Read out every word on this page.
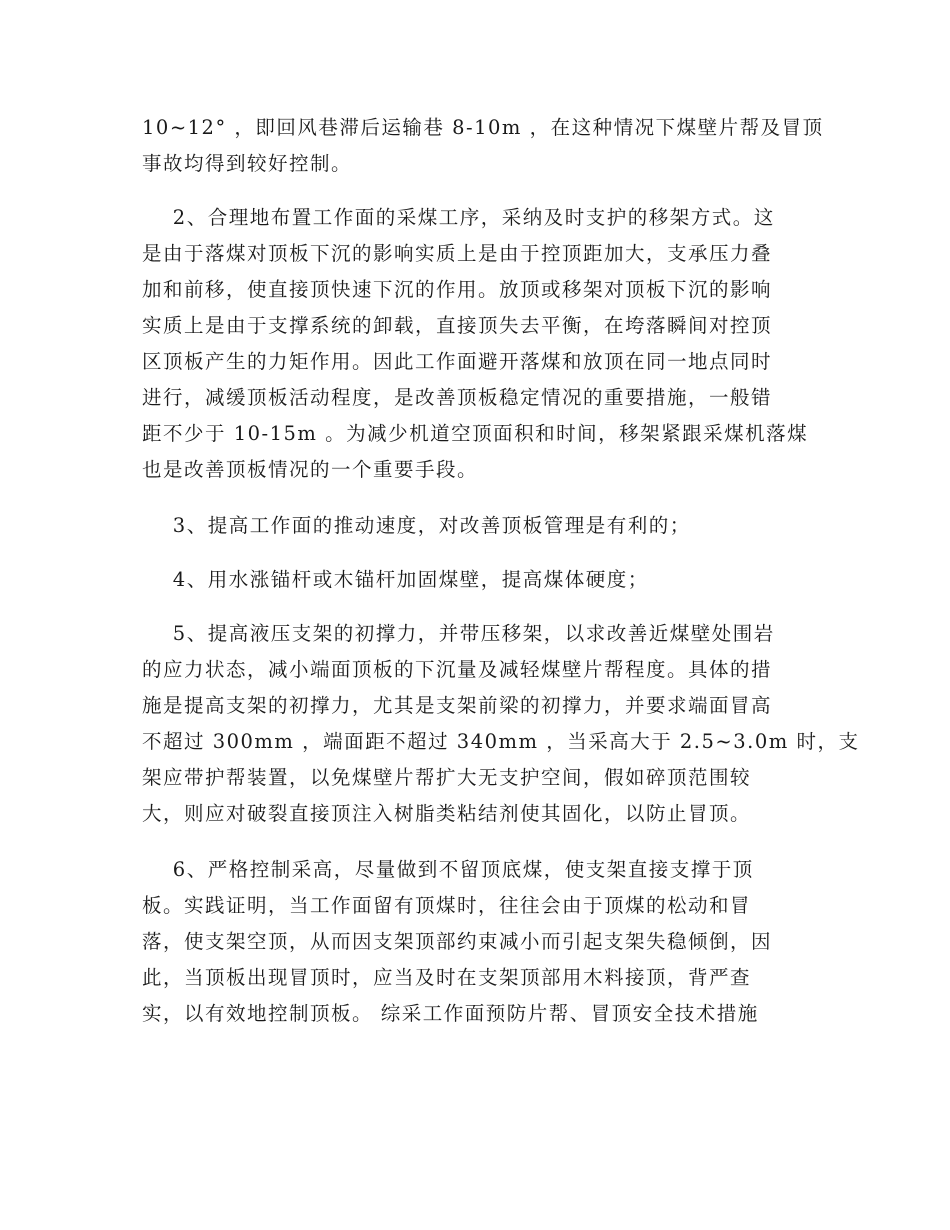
10~12° ，即回风巷滞后运输巷 8-10m ，在这种情况下煤壁片帮及冒顶
事故均得到较好控制。
2、合理地布置工作面的采煤工序，采纳及时支护的移架方式。这
是由于落煤对顶板下沉的影响实质上是由于控顶距加大，支承压力叠
加和前移，使直接顶快速下沉的作用。放顶或移架对顶板下沉的影响
实质上是由于支撑系统的卸载，直接顶失去平衡，在垮落瞬间对控顶
区顶板产生的力矩作用。因此工作面避开落煤和放顶在同一地点同时
进行，减缓顶板活动程度，是改善顶板稳定情况的重要措施，一般错
距不少于 10-15m 。为减少机道空顶面积和时间，移架紧跟采煤机落煤
也是改善顶板情况的一个重要手段。
3、提高工作面的推动速度，对改善顶板管理是有利的；
4、用水涨锚杆或木锚杆加固煤壁，提高煤体硬度；
5、提高液压支架的初撑力，并带压移架，以求改善近煤壁处围岩
的应力状态，减小端面顶板的下沉量及减轻煤壁片帮程度。具体的措
施是提高支架的初撑力，尤其是支架前梁的初撑力，并要求端面冒高
不超过 300mm ，端面距不超过 340mm ，当采高大于 2.5~3.0m 时，支
架应带护帮装置，以免煤壁片帮扩大无支护空间，假如碎顶范围较
大，则应对破裂直接顶注入树脂类粘结剂使其固化，以防止冒顶。
6、严格控制采高，尽量做到不留顶底煤，使支架直接支撑于顶
板。实践证明，当工作面留有顶煤时，往往会由于顶煤的松动和冒
落，使支架空顶，从而因支架顶部约束减小而引起支架失稳倾倒，因
此，当顶板出现冒顶时，应当及时在支架顶部用木料接顶，背严查
实，以有效地控制顶板。 综采工作面预防片帮、冒顶安全技术措施
